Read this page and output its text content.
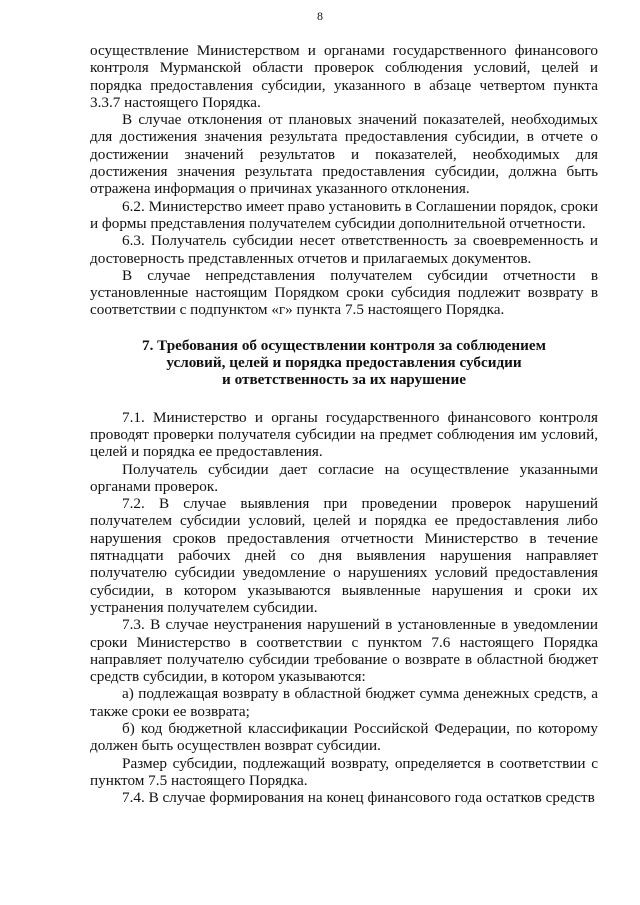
8

осуществление Министерством и органами государственного финансового контроля Мурманской области проверок соблюдения условий, целей и порядка предоставления субсидии, указанного в абзаце четвертом пункта 3.3.7 настоящего Порядка.

В случае отклонения от плановых значений показателей, необходимых для достижения значения результата предоставления субсидии, в отчете о достижении значений результатов и показателей, необходимых для достижения значения результата предоставления субсидии, должна быть отражена информация о причинах указанного отклонения.

6.2. Министерство имеет право установить в Соглашении порядок, сроки и формы представления получателем субсидии дополнительной отчетности.

6.3. Получатель субсидии несет ответственность за своевременность и достоверность представленных отчетов и прилагаемых документов.

В случае непредставления получателем субсидии отчетности в установленные настоящим Порядком сроки субсидия подлежит возврату в соответствии с подпунктом «г» пункта 7.5 настоящего Порядка.

7. Требования об осуществлении контроля за соблюдением
условий, целей и порядка предоставления субсидии
и ответственность за их нарушение

7.1. Министерство и органы государственного финансового контроля проводят проверки получателя субсидии на предмет соблюдения им условий, целей и порядка ее предоставления.

Получатель субсидии дает согласие на осуществление указанными органами проверок.

7.2. В случае выявления при проведении проверок нарушений получателем субсидии условий, целей и порядка ее предоставления либо нарушения сроков предоставления отчетности Министерство в течение пятнадцати рабочих дней со дня выявления нарушения направляет получателю субсидии уведомление о нарушениях условий предоставления субсидии, в котором указываются выявленные нарушения и сроки их устранения получателем субсидии.

7.3. В случае неустранения нарушений в установленные в уведомлении сроки Министерство в соответствии с пунктом 7.6 настоящего Порядка направляет получателю субсидии требование о возврате в областной бюджет средств субсидии, в котором указываются:

а) подлежащая возврату в областной бюджет сумма денежных средств, а также сроки ее возврата;

б) код бюджетной классификации Российской Федерации, по которому должен быть осуществлен возврат субсидии.

Размер субсидии, подлежащий возврату, определяется в соответствии с пунктом 7.5 настоящего Порядка.

7.4. В случае формирования на конец финансового года остатков средств
